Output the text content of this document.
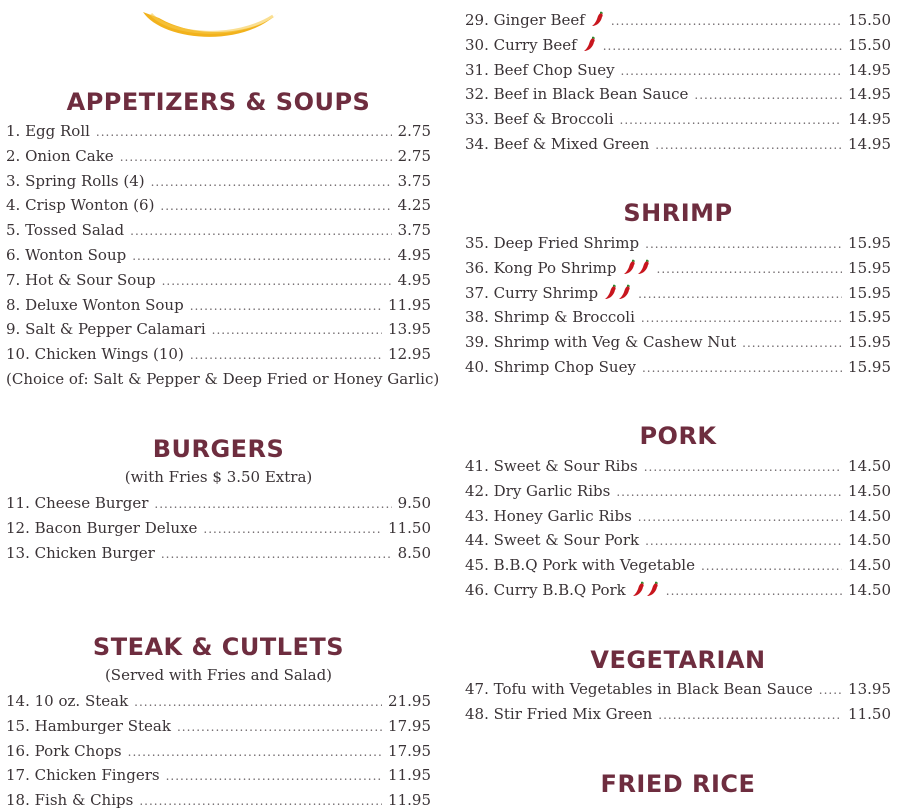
APPETIZERS & SOUPS
1. Egg Roll .....	2.75
2. Onion Cake .....	2.75
3. Spring Rolls (4) .....	3.75
4. Crisp Wonton (6) .....	4.25
5. Tossed Salad .....	3.75
6. Wonton Soup .....	4.95
7. Hot & Sour Soup .....	4.95
8. Deluxe Wonton Soup .....	11.95
9. Salt & Pepper Calamari .....	13.95
10. Chicken Wings (10) .....	12.95
(Choice of: Salt & Pepper & Deep Fried or Honey Garlic)
BURGERS
(with Fries $ 3.50 Extra)
11. Cheese Burger .....	9.50
12. Bacon Burger Deluxe .....	11.50
13. Chicken Burger .....	8.50
STEAK & CUTLETS
(Served with Fries and Salad)
14. 10 oz. Steak .....	21.95
15. Hamburger Steak .....	17.95
16. Pork Chops .....	17.95
17. Chicken Fingers .....	11.95
18. Fish & Chips .....	11.95
29. Ginger Beef .....	15.50
30. Curry Beef .....	15.50
31. Beef Chop Suey .....	14.95
32. Beef in Black Bean Sauce .....	14.95
33. Beef & Broccoli .....	14.95
34. Beef & Mixed Green .....	14.95
SHRIMP
35. Deep Fried Shrimp .....	15.95
36. Kong Po Shrimp .....	15.95
37. Curry Shrimp .....	15.95
38. Shrimp & Broccoli .....	15.95
39. Shrimp with Veg & Cashew Nut .....	15.95
40. Shrimp Chop Suey .....	15.95
PORK
41. Sweet & Sour Ribs .....	14.50
42. Dry Garlic Ribs .....	14.50
43. Honey Garlic Ribs .....	14.50
44. Sweet & Sour Pork .....	14.50
45. B.B.Q Pork with Vegetable .....	14.50
46. Curry B.B.Q Pork .....	14.50
VEGETARIAN
47. Tofu with Vegetables in Black Bean Sauce ..... 13.95
48. Stir Fried Mix Green .....	11.50
FRIED RICE
